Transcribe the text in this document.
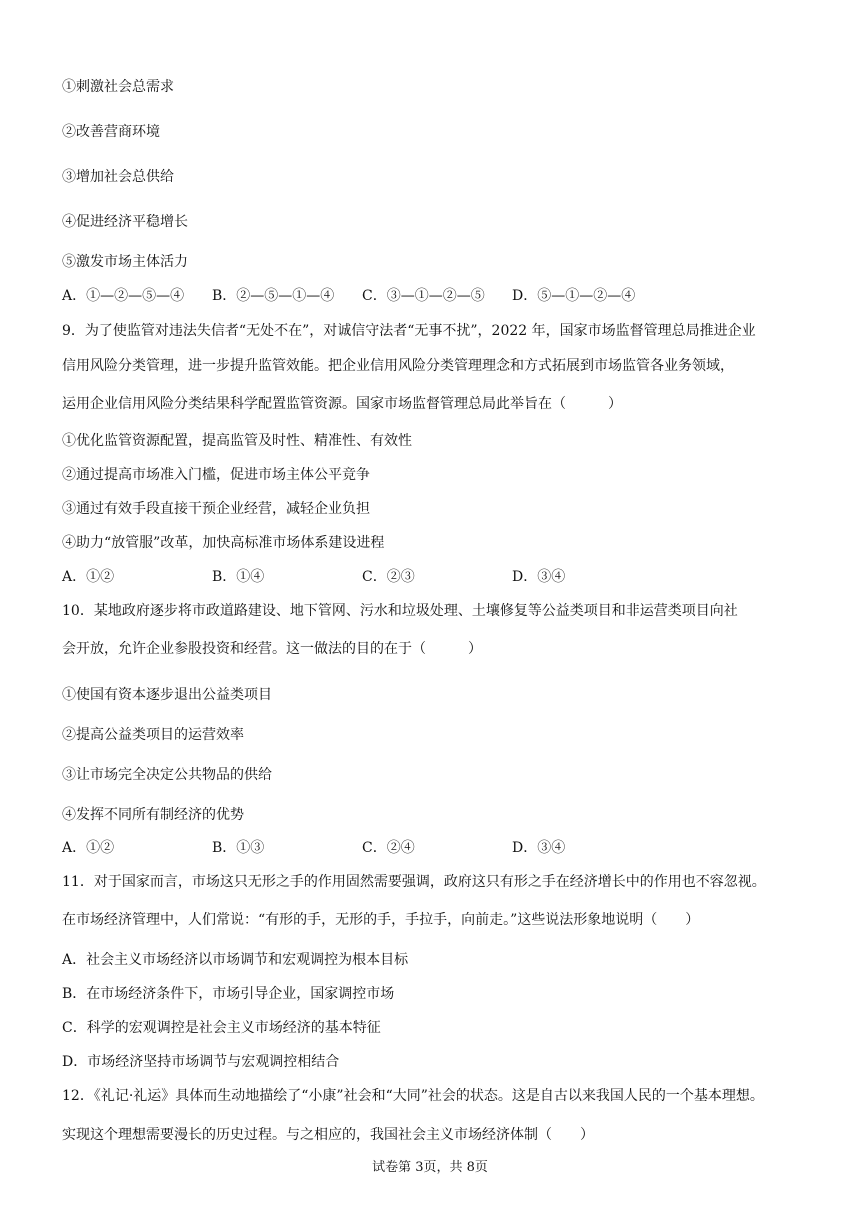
①刺激社会总需求
②改善营商环境
③增加社会总供给
④促进经济平稳增长
⑤激发市场主体活力
A．①—②—⑤—④ B．②—⑤—①—④ C．③—①—②—⑤ D．⑤—①—②—④
9．为了使监管对违法失信者“无处不在”，对诚信守法者“无事不扰”，2022 年，国家市场监督管理总局推进企业
信用风险分类管理，进一步提升监管效能。把企业信用风险分类管理理念和方式拓展到市场监管各业务领域，
运用企业信用风险分类结果科学配置监管资源。国家市场监督管理总局此举旨在（　　　）
①优化监管资源配置，提高监管及时性、精准性、有效性
②通过提高市场准入门槛，促进市场主体公平竞争
③通过有效手段直接干预企业经营，减轻企业负担
④助力“放管服”改革，加快高标准市场体系建设进程
A．①②	B．①④	C．②③	D．③④
10．某地政府逐步将市政道路建设、地下管网、污水和垃圾处理、土壤修复等公益类项目和非运营类项目向社
会开放，允许企业参股投资和经营。这一做法的目的在于（　　　）
①使国有资本逐步退出公益类项目
②提高公益类项目的运营效率
③让市场完全决定公共物品的供给
④发挥不同所有制经济的优势
A．①②	B．①③	C．②④	D．③④
11．对于国家而言，市场这只无形之手的作用固然需要强调，政府这只有形之手在经济增长中的作用也不容忽视。
在市场经济管理中，人们常说：“有形的手，无形的手，手拉手，向前走。”这些说法形象地说明（　　）
A．社会主义市场经济以市场调节和宏观调控为根本目标
B．在市场经济条件下，市场引导企业，国家调控市场
C．科学的宏观调控是社会主义市场经济的基本特征
D．市场经济坚持市场调节与宏观调控相结合
12．《礼记·礼运》具体而生动地描绘了“小康”社会和“大同”社会的状态。这是自古以来我国人民的一个基本理想。
实现这个理想需要漫长的历史过程。与之相应的，我国社会主义市场经济体制（　　）
试卷第 3页，共 8页
